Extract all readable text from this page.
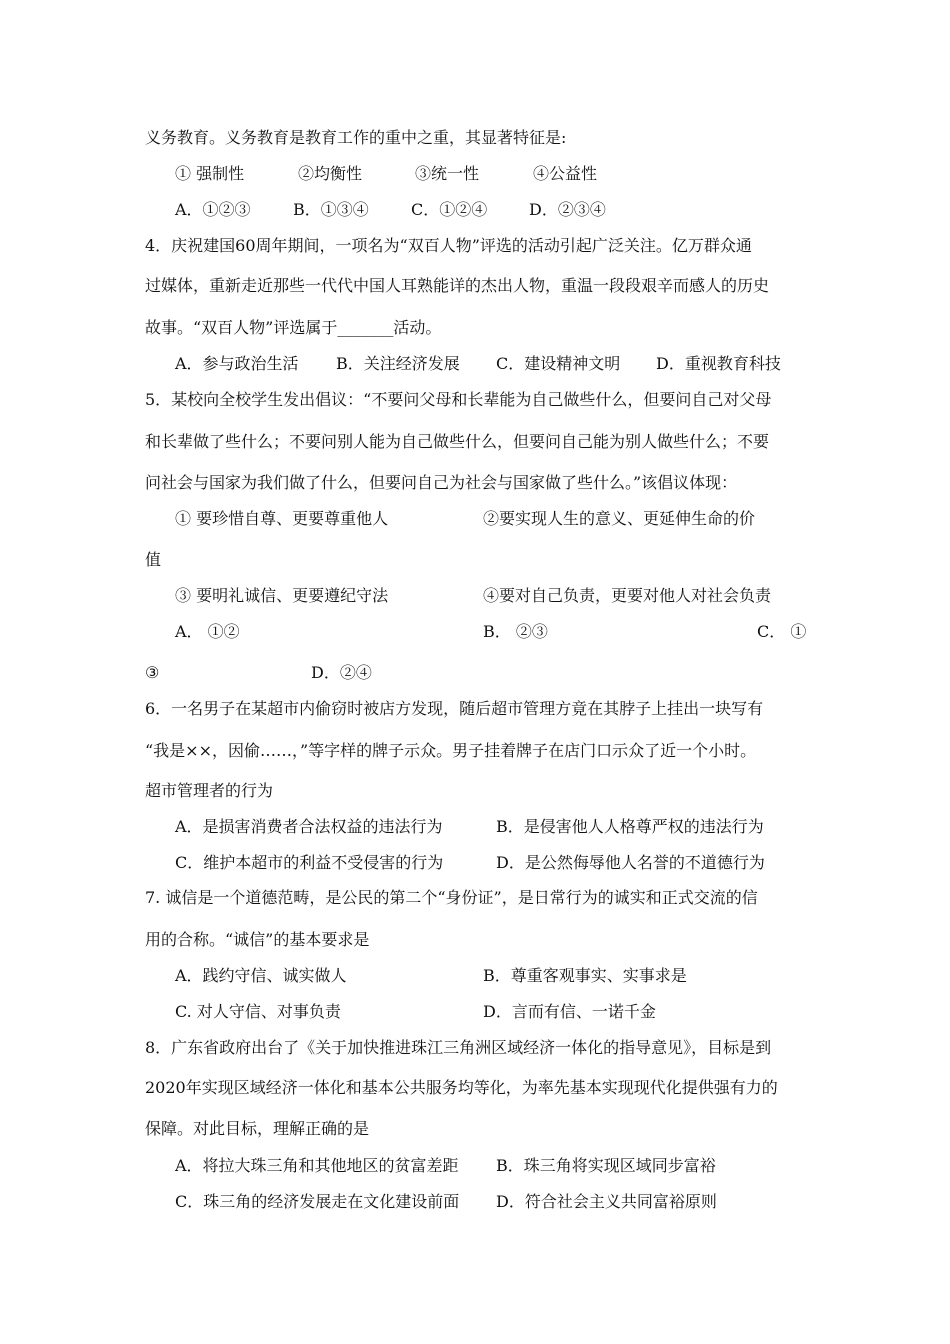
义务教育。义务教育是教育工作的重中之重，其显著特征是:
① 强制性	②均衡性	③统一性	④公益性
A．①②③	B．①③④	C．①②④	D．②③④
4．庆祝建国60周年期间，一项名为“双百人物”评选的活动引起广泛关注。亿万群众通
过媒体，重新走近那些一代代中国人耳熟能详的杰出人物，重温一段段艰辛而感人的历史
故事。“双百人物”评选属于_______活动。
A．参与政治生活 B．关注经济发展 C．建设精神文明 D．重视教育科技
5．某校向全校学生发出倡议：“不要问父母和长辈能为自己做些什么，但要问自己对父母
和长辈做了些什么；不要问别人能为自己做些什么，但要问自己能为别人做些什么；不要
问社会与国家为我们做了什么，但要问自己为社会与国家做了些什么。”该倡议体现：
① 要珍惜自尊、更要尊重他人	②要实现人生的意义、更延伸生命的价
值
③ 要明礼诚信、更要遵纪守法	④要对自己负责，更要对他人对社会负责
A． ①②	B． ②③	C． ①
③	D．②④
6．一名男子在某超市内偷窃时被店方发现，随后超市管理方竟在其脖子上挂出一块写有
“我是××，因偷……，”等字样的牌子示众。男子挂着牌子在店门口示众了近一个小时。
超市管理者的行为
A．是损害消费者合法权益的违法行为	B．是侵害他人人格尊严权的违法行为
C．维护本超市的利益不受侵害的行为	D．是公然侮辱他人名誉的不道德行为
7. 诚信是一个道德范畴，是公民的第二个“身份证”，是日常行为的诚实和正式交流的信
用的合称。“诚信”的基本要求是
A．践约守信、诚实做人	B．尊重客观事实、实事求是
C. 对人守信、对事负责	D．言而有信、一诺千金
8．广东省政府出台了《关于加快推进珠江三角洲区域经济一体化的指导意见》，目标是到
2020年实现区域经济一体化和基本公共服务均等化，为率先基本实现现代化提供强有力的
保障。对此目标，理解正确的是
A．将拉大珠三角和其他地区的贫富差距 B．珠三角将实现区域同步富裕
C．珠三角的经济发展走在文化建设前面 D．符合社会主义共同富裕原则
